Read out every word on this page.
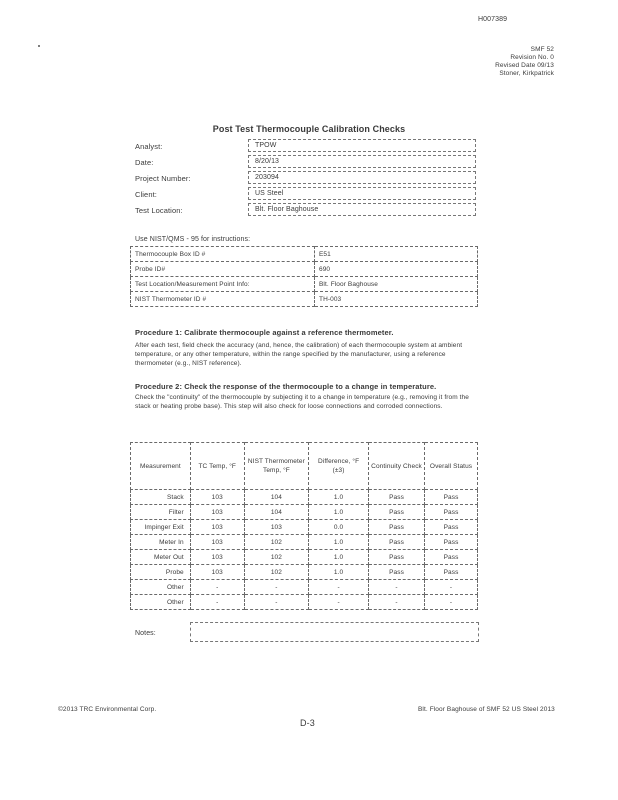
H007389
SMF 52
Revision No. 0
Revised Date 09/13
Stoner, Kirkpatrick
Post Test Thermocouple Calibration Checks
Analyst:	TPOW
Date:	8/20/13
Project Number:	203094
Client:	US Steel
Test Location:	Blt. Floor Baghouse
Use NIST/QMS - 95 for instructions:
Thermocouple Box ID #	E51
Probe ID#	690
Test Location/Measurement Point Info:	Blt. Floor Baghouse
NIST Thermometer ID #	TH-003
Procedure 1: Calibrate thermocouple against a reference thermometer.
After each test, field check the accuracy (and, hence, the calibration) of each thermocouple system at ambient temperature, or any other temperature, within the range specified by the manufacturer, using a reference thermometer (e.g., NIST reference).
Procedure 2: Check the response of the thermocouple to a change in temperature.
Check the "continuity" of the thermocouple by subjecting it to a change in temperature (e.g., removing it from the stack or heating probe base). This step will also check for loose connections and corroded connections.
Measurement	TC Temp, °F	NIST Thermometer Temp, °F	Difference, °F (±3)	Continuity Check	Overall Status
Stack	103	104	1.0	Pass	Pass
Filter	103	104	1.0	Pass	Pass
Impinger Exit	103	103	0.0	Pass	Pass
Meter In	103	102	1.0	Pass	Pass
Meter Out	103	102	1.0	Pass	Pass
Probe	103	102	1.0	Pass	Pass
Other	-	-	-	-	-
Other	-	-	-	-	-
Notes:
©2013 TRC Environmental Corp.	Blt. Floor Baghouse of SMF 52 US Steel 2013
D-3
